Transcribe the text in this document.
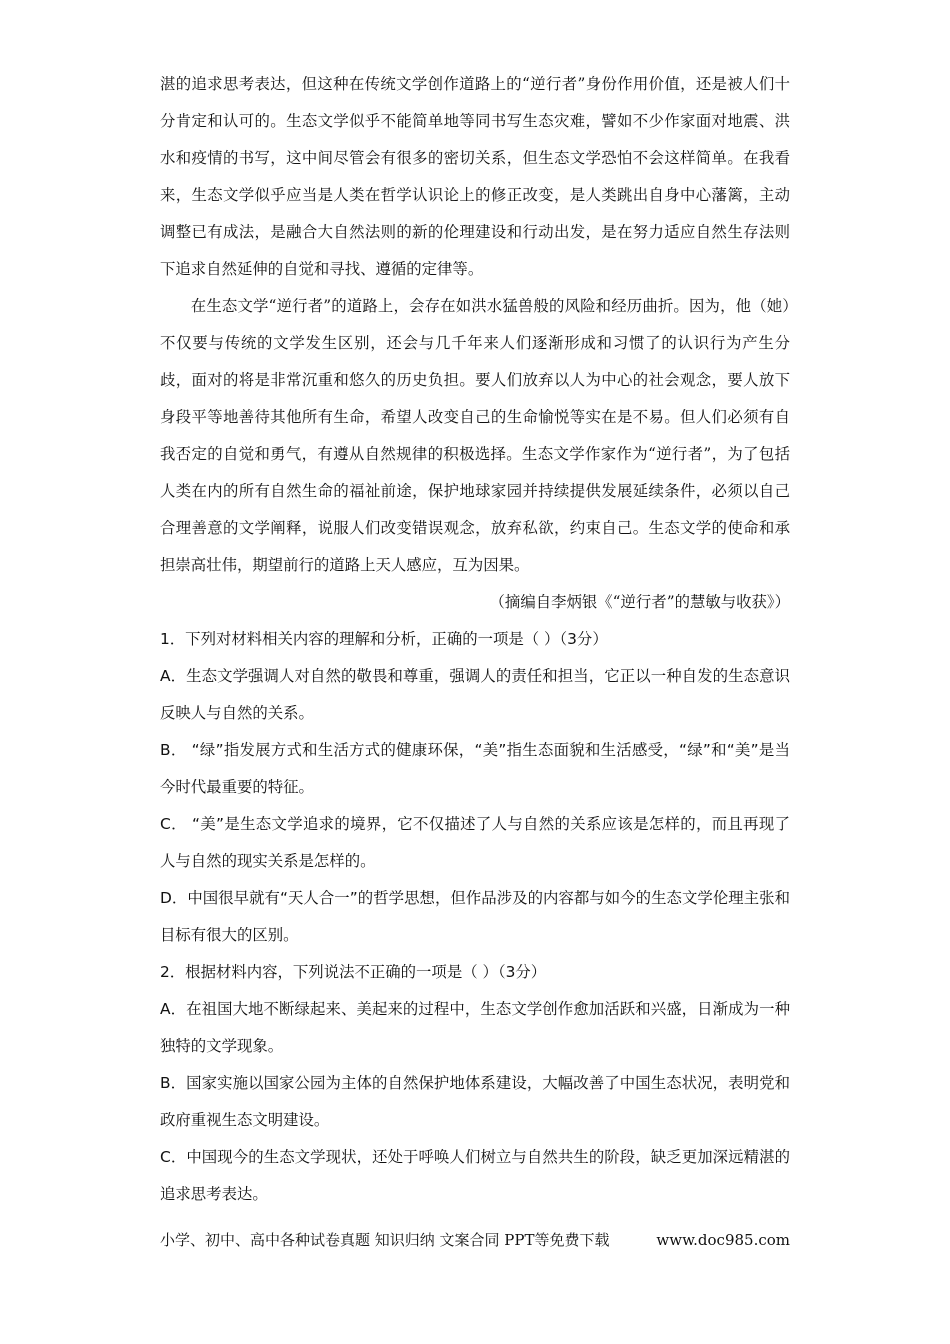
湛的追求思考表达，但这种在传统文学创作道路上的“逆行者”身份作用价值，还是被人们十分肯定和认可的。生态文学似乎不能简单地等同书写生态灾难，譬如不少作家面对地震、洪水和疫情的书写，这中间尽管会有很多的密切关系，但生态文学恐怕不会这样简单。在我看来，生态文学似乎应当是人类在哲学认识论上的修正改变，是人类跳出自身中心藩篱，主动调整已有成法，是融合大自然法则的新的伦理建设和行动出发，是在努力适应自然生存法则下追求自然延伸的自觉和寻找、遵循的定律等。

在生态文学“逆行者”的道路上，会存在如洪水猛兽般的风险和经历曲折。因为，他（她）不仅要与传统的文学发生区别，还会与几千年来人们逐渐形成和习惯了的认识行为产生分歧，面对的将是非常沉重和悠久的历史负担。要人们放弃以人为中心的社会观念，要人放下身段平等地善待其他所有生命，希望人改变自己的生命愉悦等实在是不易。但人们必须有自我否定的自觉和勇气，有遵从自然规律的积极选择。生态文学作家作为“逆行者”，为了包括人类在内的所有自然生命的福祉前途，保护地球家园并持续提供发展延续条件，必须以自己合理善意的文学阐释，说服人们改变错误观念，放弃私欲，约束自己。生态文学的使命和承担崇高壮伟，期望前行的道路上天人感应，互为因果。

（摘编自李炳银《“逆行者”的慧敏与收获》）

1．下列对材料相关内容的理解和分析，正确的一项是（ ）（3分）

A．生态文学强调人对自然的敬畏和尊重，强调人的责任和担当，它正以一种自发的生态意识反映人与自然的关系。

B． “绿”指发展方式和生活方式的健康环保，“美”指生态面貌和生活感受，“绿”和“美”是当今时代最重要的特征。

C． “美”是生态文学追求的境界，它不仅描述了人与自然的关系应该是怎样的，而且再现了人与自然的现实关系是怎样的。

D．中国很早就有“天人合一”的哲学思想，但作品涉及的内容都与如今的生态文学伦理主张和目标有很大的区别。

2．根据材料内容，下列说法不正确的一项是（ ）（3分）

A．在祖国大地不断绿起来、美起来的过程中，生态文学创作愈加活跃和兴盛，日渐成为一种独特的文学现象。

B．国家实施以国家公园为主体的自然保护地体系建设，大幅改善了中国生态状况，表明党和政府重视生态文明建设。

C．中国现今的生态文学现状，还处于呼唤人们树立与自然共生的阶段，缺乏更加深远精湛的追求思考表达。

小学、初中、高中各种试卷真题 知识归纳 文案合同 PPT等免费下载	www.doc985.com
